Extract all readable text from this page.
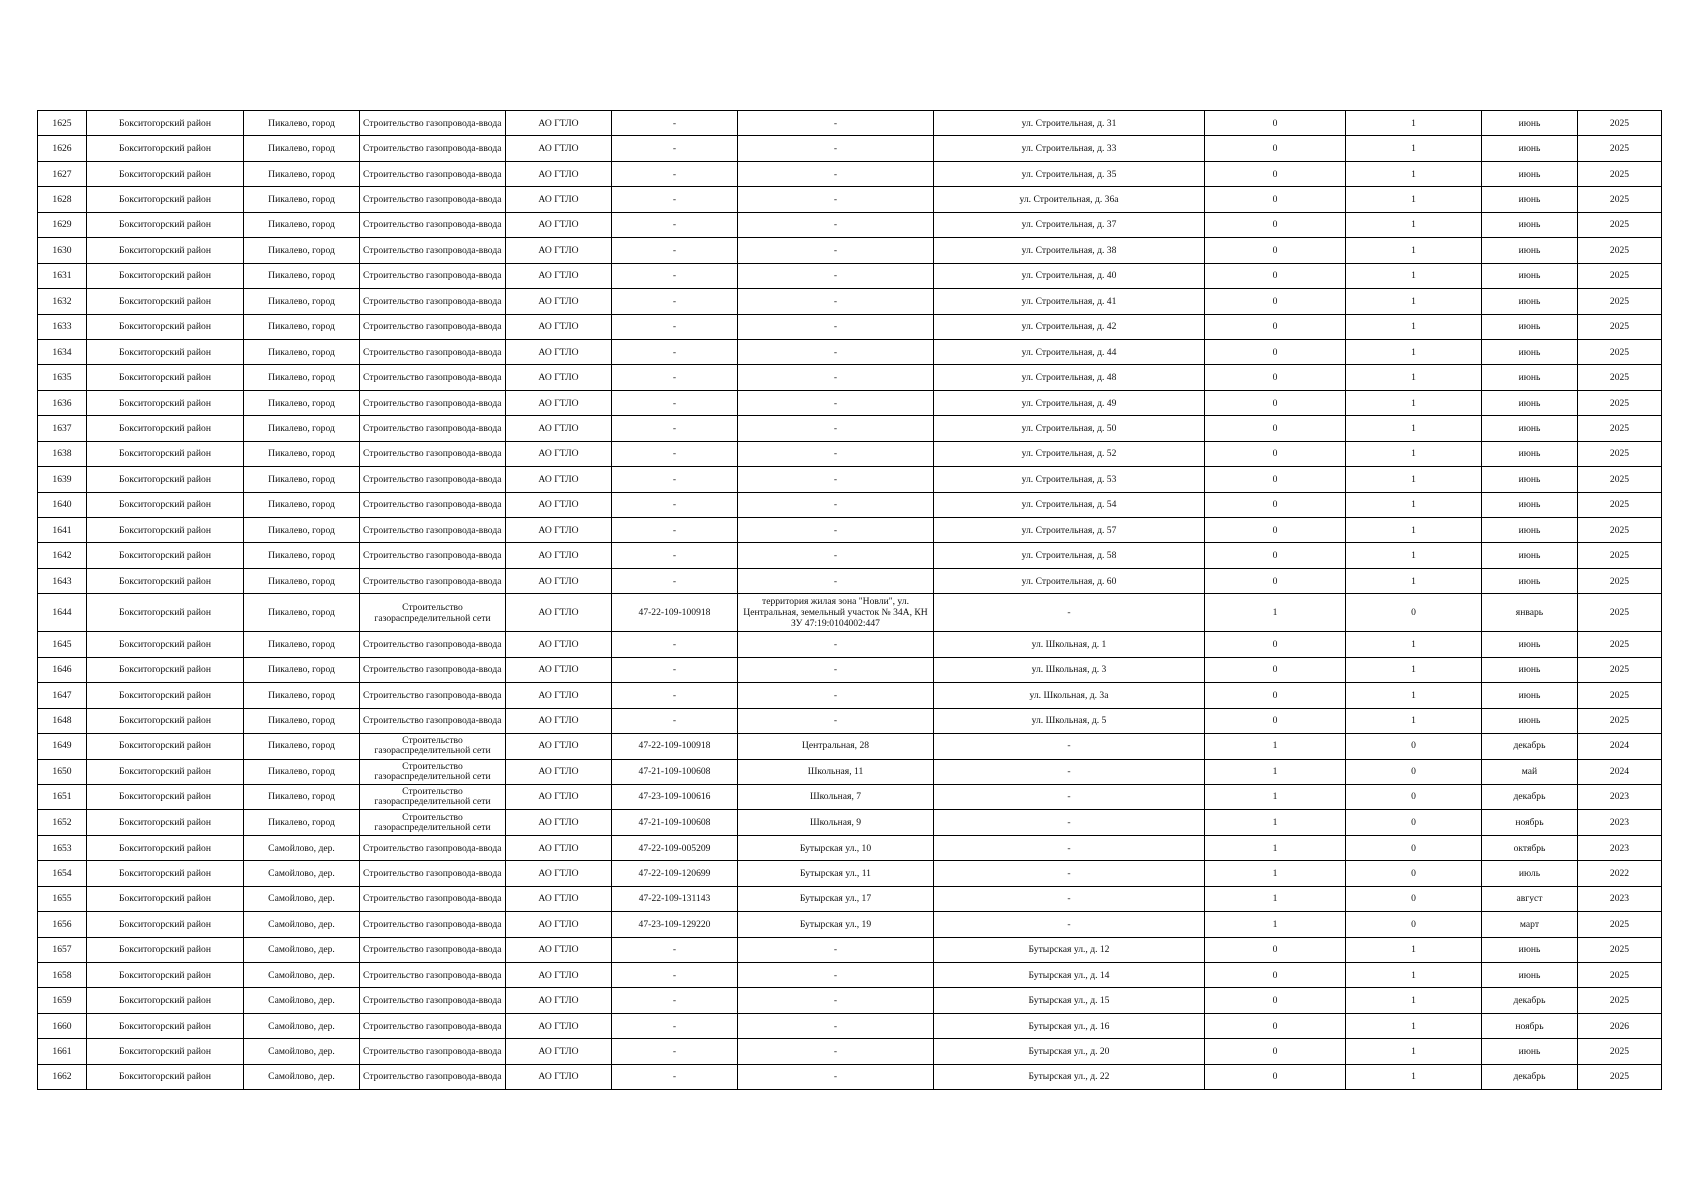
1625	Бокситогорский район	Пикалево, город	Строительство газопровода-ввода	АО ГТЛО	-	-	ул. Строительная, д. 31	0	1	июнь	2025
1626	Бокситогорский район	Пикалево, город	Строительство газопровода-ввода	АО ГТЛО	-	-	ул. Строительная, д. 33	0	1	июнь	2025
1627	Бокситогорский район	Пикалево, город	Строительство газопровода-ввода	АО ГТЛО	-	-	ул. Строительная, д. 35	0	1	июнь	2025
1628	Бокситогорский район	Пикалево, город	Строительство газопровода-ввода	АО ГТЛО	-	-	ул. Строительная, д. 36а	0	1	июнь	2025
1629	Бокситогорский район	Пикалево, город	Строительство газопровода-ввода	АО ГТЛО	-	-	ул. Строительная, д. 37	0	1	июнь	2025
1630	Бокситогорский район	Пикалево, город	Строительство газопровода-ввода	АО ГТЛО	-	-	ул. Строительная, д. 38	0	1	июнь	2025
1631	Бокситогорский район	Пикалево, город	Строительство газопровода-ввода	АО ГТЛО	-	-	ул. Строительная, д. 40	0	1	июнь	2025
1632	Бокситогорский район	Пикалево, город	Строительство газопровода-ввода	АО ГТЛО	-	-	ул. Строительная, д. 41	0	1	июнь	2025
1633	Бокситогорский район	Пикалево, город	Строительство газопровода-ввода	АО ГТЛО	-	-	ул. Строительная, д. 42	0	1	июнь	2025
1634	Бокситогорский район	Пикалево, город	Строительство газопровода-ввода	АО ГТЛО	-	-	ул. Строительная, д. 44	0	1	июнь	2025
1635	Бокситогорский район	Пикалево, город	Строительство газопровода-ввода	АО ГТЛО	-	-	ул. Строительная, д. 48	0	1	июнь	2025
1636	Бокситогорский район	Пикалево, город	Строительство газопровода-ввода	АО ГТЛО	-	-	ул. Строительная, д. 49	0	1	июнь	2025
1637	Бокситогорский район	Пикалево, город	Строительство газопровода-ввода	АО ГТЛО	-	-	ул. Строительная, д. 50	0	1	июнь	2025
1638	Бокситогорский район	Пикалево, город	Строительство газопровода-ввода	АО ГТЛО	-	-	ул. Строительная, д. 52	0	1	июнь	2025
1639	Бокситогорский район	Пикалево, город	Строительство газопровода-ввода	АО ГТЛО	-	-	ул. Строительная, д. 53	0	1	июнь	2025
1640	Бокситогорский район	Пикалево, город	Строительство газопровода-ввода	АО ГТЛО	-	-	ул. Строительная, д. 54	0	1	июнь	2025
1641	Бокситогорский район	Пикалево, город	Строительство газопровода-ввода	АО ГТЛО	-	-	ул. Строительная, д. 57	0	1	июнь	2025
1642	Бокситогорский район	Пикалево, город	Строительство газопровода-ввода	АО ГТЛО	-	-	ул. Строительная, д. 58	0	1	июнь	2025
1643	Бокситогорский район	Пикалево, город	Строительство газопровода-ввода	АО ГТЛО	-	-	ул. Строительная, д. 60	0	1	июнь	2025
1644	Бокситогорский район	Пикалево, город	Строительство газораспределительной сети	АО ГТЛО	47-22-109-100918	территория жилая зона "Новли", ул. Центральная, земельный участок № 34А, КН ЗУ 47:19:0104002:447	-	1	0	январь	2025
1645	Бокситогорский район	Пикалево, город	Строительство газопровода-ввода	АО ГТЛО	-	-	ул. Школьная, д. 1	0	1	июнь	2025
1646	Бокситогорский район	Пикалево, город	Строительство газопровода-ввода	АО ГТЛО	-	-	ул. Школьная, д. 3	0	1	июнь	2025
1647	Бокситогорский район	Пикалево, город	Строительство газопровода-ввода	АО ГТЛО	-	-	ул. Школьная, д. 3а	0	1	июнь	2025
1648	Бокситогорский район	Пикалево, город	Строительство газопровода-ввода	АО ГТЛО	-	-	ул. Школьная, д. 5	0	1	июнь	2025
1649	Бокситогорский район	Пикалево, город	Строительство газораспределительной сети	АО ГТЛО	47-22-109-100918	Центральная, 28	-	1	0	декабрь	2024
1650	Бокситогорский район	Пикалево, город	Строительство газораспределительной сети	АО ГТЛО	47-21-109-100608	Школьная, 11	-	1	0	май	2024
1651	Бокситогорский район	Пикалево, город	Строительство газораспределительной сети	АО ГТЛО	47-23-109-100616	Школьная, 7	-	1	0	декабрь	2023
1652	Бокситогорский район	Пикалево, город	Строительство газораспределительной сети	АО ГТЛО	47-21-109-100608	Школьная, 9	-	1	0	ноябрь	2023
1653	Бокситогорский район	Самойлово, дер.	Строительство газопровода-ввода	АО ГТЛО	47-22-109-005209	Бутырская ул., 10	-	1	0	октябрь	2023
1654	Бокситогорский район	Самойлово, дер.	Строительство газопровода-ввода	АО ГТЛО	47-22-109-120699	Бутырская ул., 11	-	1	0	июль	2022
1655	Бокситогорский район	Самойлово, дер.	Строительство газопровода-ввода	АО ГТЛО	47-22-109-131143	Бутырская ул., 17	-	1	0	август	2023
1656	Бокситогорский район	Самойлово, дер.	Строительство газопровода-ввода	АО ГТЛО	47-23-109-129220	Бутырская ул., 19	-	1	0	март	2025
1657	Бокситогорский район	Самойлово, дер.	Строительство газопровода-ввода	АО ГТЛО	-	-	Бутырская ул., д. 12	0	1	июнь	2025
1658	Бокситогорский район	Самойлово, дер.	Строительство газопровода-ввода	АО ГТЛО	-	-	Бутырская ул., д. 14	0	1	июнь	2025
1659	Бокситогорский район	Самойлово, дер.	Строительство газопровода-ввода	АО ГТЛО	-	-	Бутырская ул., д. 15	0	1	декабрь	2025
1660	Бокситогорский район	Самойлово, дер.	Строительство газопровода-ввода	АО ГТЛО	-	-	Бутырская ул., д. 16	0	1	ноябрь	2026
1661	Бокситогорский район	Самойлово, дер.	Строительство газопровода-ввода	АО ГТЛО	-	-	Бутырская ул., д. 20	0	1	июнь	2025
1662	Бокситогорский район	Самойлово, дер.	Строительство газопровода-ввода	АО ГТЛО	-	-	Бутырская ул., д. 22	0	1	декабрь	2025
